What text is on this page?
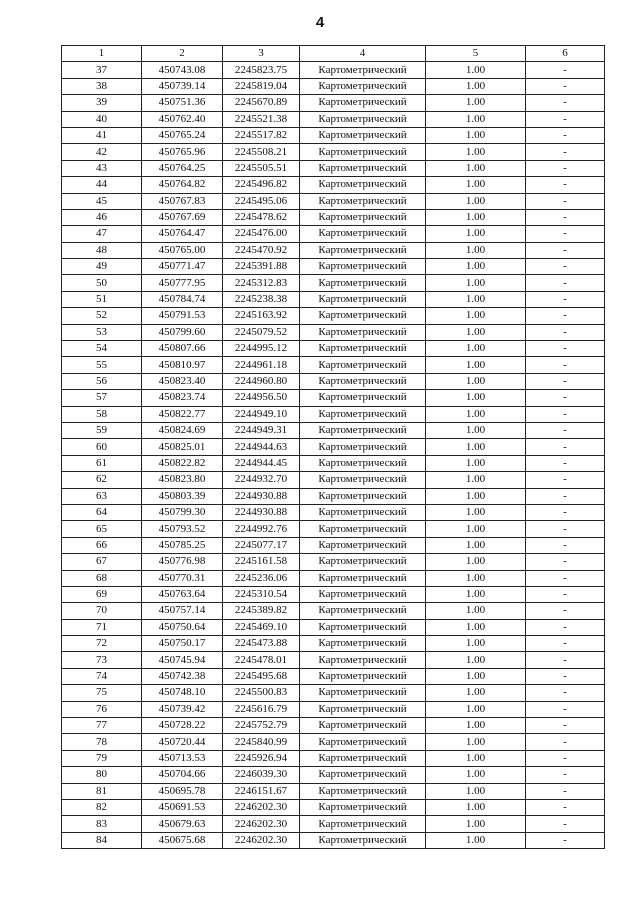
4
1	2	3	4	5	6
37	450743.08	2245823.75	Картометрический	1.00	-
38	450739.14	2245819.04	Картометрический	1.00	-
39	450751.36	2245670.89	Картометрический	1.00	-
40	450762.40	2245521.38	Картометрический	1.00	-
41	450765.24	2245517.82	Картометрический	1.00	-
42	450765.96	2245508.21	Картометрический	1.00	-
43	450764.25	2245505.51	Картометрический	1.00	-
44	450764.82	2245496.82	Картометрический	1.00	-
45	450767.83	2245495.06	Картометрический	1.00	-
46	450767.69	2245478.62	Картометрический	1.00	-
47	450764.47	2245476.00	Картометрический	1.00	-
48	450765.00	2245470.92	Картометрический	1.00	-
49	450771.47	2245391.88	Картометрический	1.00	-
50	450777.95	2245312.83	Картометрический	1.00	-
51	450784.74	2245238.38	Картометрический	1.00	-
52	450791.53	2245163.92	Картометрический	1.00	-
53	450799.60	2245079.52	Картометрический	1.00	-
54	450807.66	2244995.12	Картометрический	1.00	-
55	450810.97	2244961.18	Картометрический	1.00	-
56	450823.40	2244960.80	Картометрический	1.00	-
57	450823.74	2244956.50	Картометрический	1.00	-
58	450822.77	2244949.10	Картометрический	1.00	-
59	450824.69	2244949.31	Картометрический	1.00	-
60	450825.01	2244944.63	Картометрический	1.00	-
61	450822.82	2244944.45	Картометрический	1.00	-
62	450823.80	2244932.70	Картометрический	1.00	-
63	450803.39	2244930.88	Картометрический	1.00	-
64	450799.30	2244930.88	Картометрический	1.00	-
65	450793.52	2244992.76	Картометрический	1.00	-
66	450785.25	2245077.17	Картометрический	1.00	-
67	450776.98	2245161.58	Картометрический	1.00	-
68	450770.31	2245236.06	Картометрический	1.00	-
69	450763.64	2245310.54	Картометрический	1.00	-
70	450757.14	2245389.82	Картометрический	1.00	-
71	450750.64	2245469.10	Картометрический	1.00	-
72	450750.17	2245473.88	Картометрический	1.00	-
73	450745.94	2245478.01	Картометрический	1.00	-
74	450742.38	2245495.68	Картометрический	1.00	-
75	450748.10	2245500.83	Картометрический	1.00	-
76	450739.42	2245616.79	Картометрический	1.00	-
77	450728.22	2245752.79	Картометрический	1.00	-
78	450720.44	2245840.99	Картометрический	1.00	-
79	450713.53	2245926.94	Картометрический	1.00	-
80	450704.66	2246039.30	Картометрический	1.00	-
81	450695.78	2246151.67	Картометрический	1.00	-
82	450691.53	2246202.30	Картометрический	1.00	-
83	450679.63	2246202.30	Картометрический	1.00	-
84	450675.68	2246202.30	Картометрический	1.00	-
